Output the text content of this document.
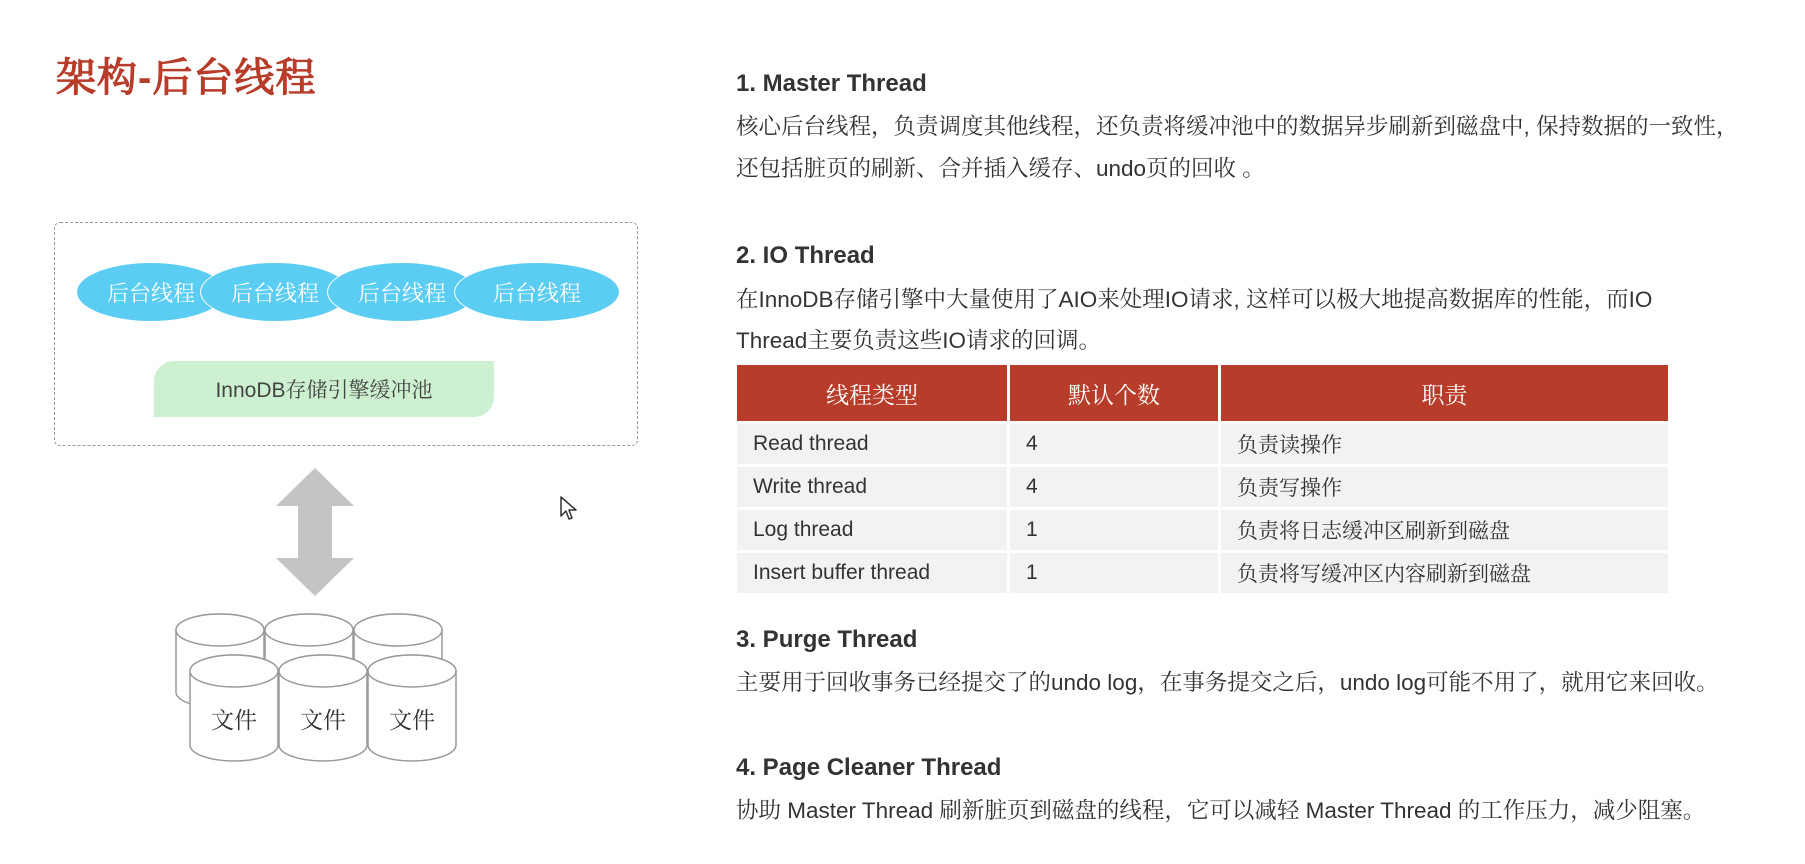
架构-后台线程
后台线程	后台线程	后台线程	后台线程
InnoDB存储引擎缓冲池
文件	文件	文件
1. Master Thread
核心后台线程，负责调度其他线程，还负责将缓冲池中的数据异步刷新到磁盘中, 保持数据的一致性，
还包括脏页的刷新、合并插入缓存、undo页的回收 。
2. IO Thread
在InnoDB存储引擎中大量使用了AIO来处理IO请求, 这样可以极大地提高数据库的性能，而IO
Thread主要负责这些IO请求的回调。
线程类型	默认个数	职责
Read thread	4	负责读操作
Write thread	4	负责写操作
Log thread	1	负责将日志缓冲区刷新到磁盘
Insert buffer thread	1	负责将写缓冲区内容刷新到磁盘
3. Purge Thread
主要用于回收事务已经提交了的undo log，在事务提交之后，undo log可能不用了，就用它来回收。
4. Page Cleaner Thread
协助 Master Thread 刷新脏页到磁盘的线程，它可以减轻 Master Thread 的工作压力，减少阻塞。
